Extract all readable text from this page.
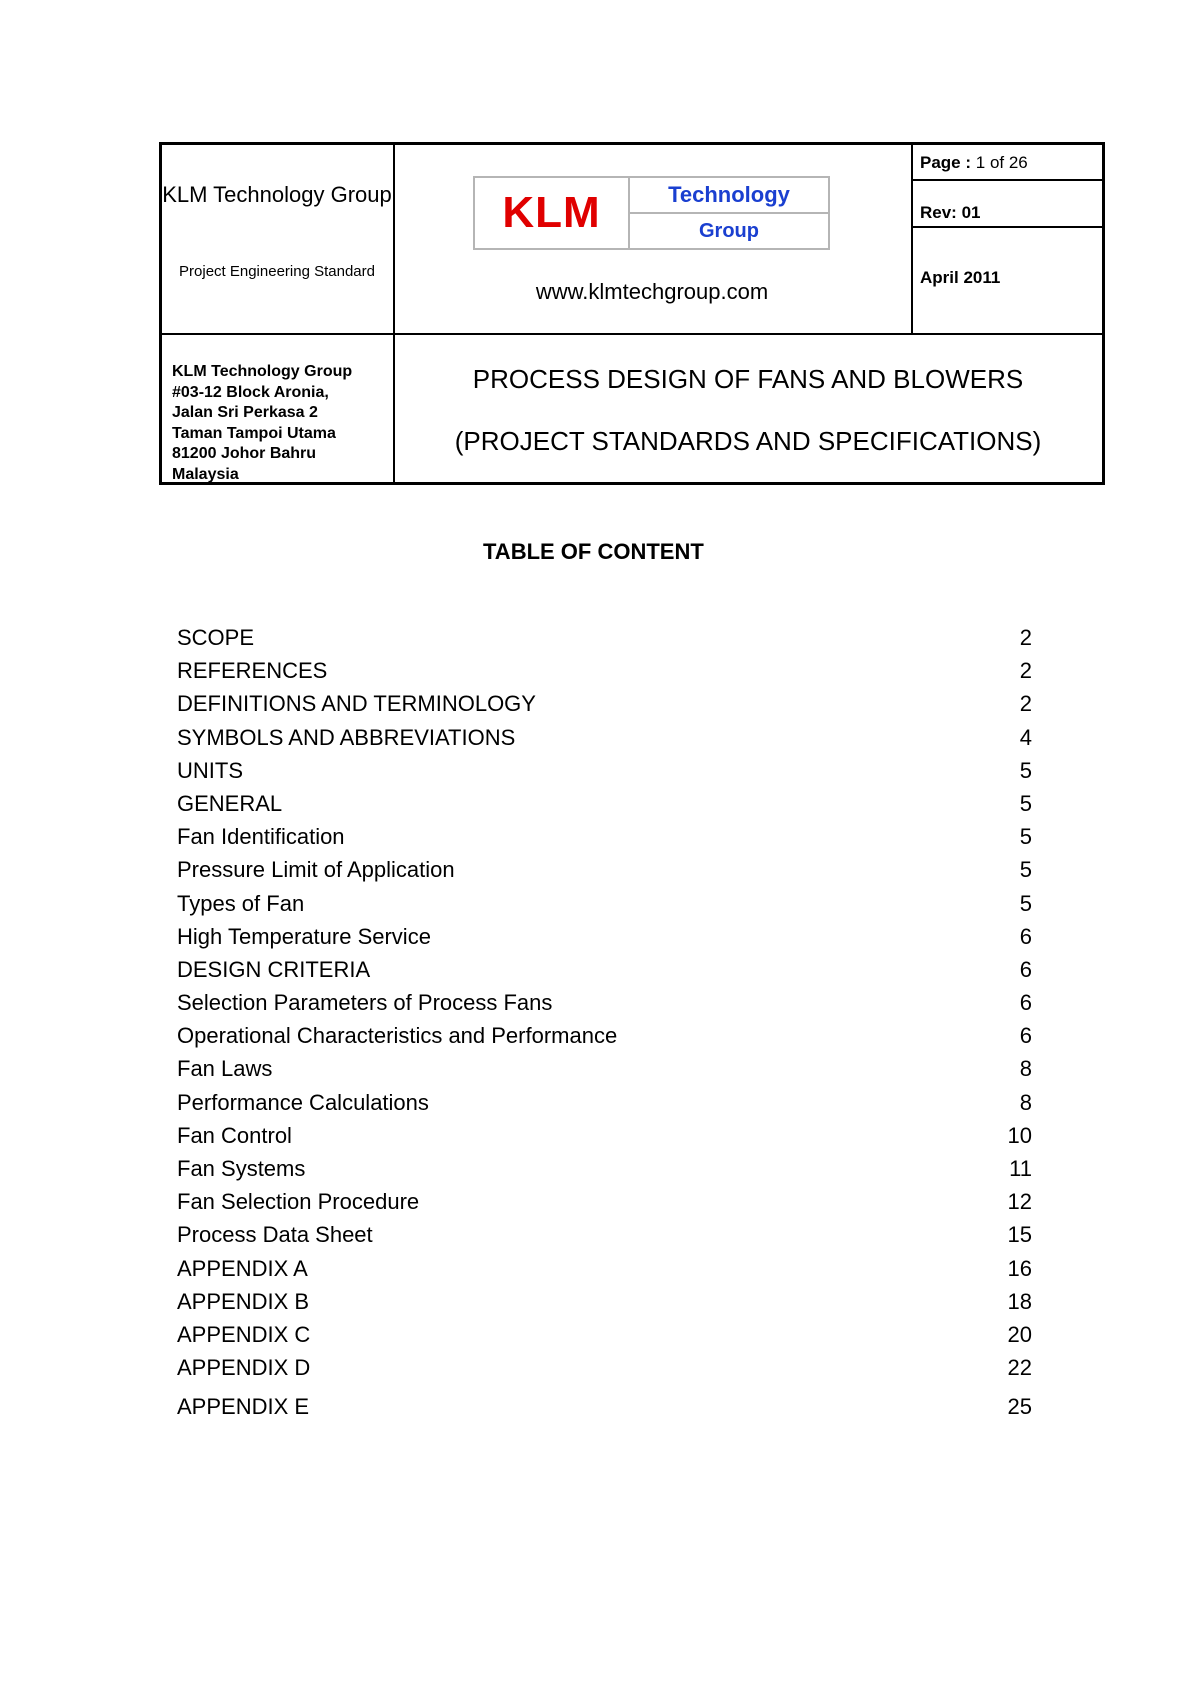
KLM Technology Group
Project Engineering Standard
KLM	Technology
Group
www.klmtechgroup.com
Page : 1 of 26
Rev: 01
April 2011
KLM Technology Group
#03-12 Block Aronia,
Jalan Sri Perkasa 2
Taman Tampoi Utama
81200 Johor Bahru
Malaysia
PROCESS DESIGN OF FANS AND BLOWERS
(PROJECT STANDARDS AND SPECIFICATIONS)
TABLE OF CONTENT
SCOPE	2
REFERENCES	2
DEFINITIONS AND TERMINOLOGY	2
SYMBOLS AND ABBREVIATIONS	4
UNITS	5
GENERAL	5
Fan Identification	5
Pressure Limit of Application	5
Types of Fan	5
High Temperature Service	6
DESIGN CRITERIA	6
Selection Parameters of Process Fans	6
Operational Characteristics and Performance	6
Fan Laws	8
Performance Calculations	8
Fan Control	10
Fan Systems	11
Fan Selection Procedure	12
Process Data Sheet	15
APPENDIX A	16
APPENDIX B	18
APPENDIX C	20
APPENDIX D	22
APPENDIX E	25
